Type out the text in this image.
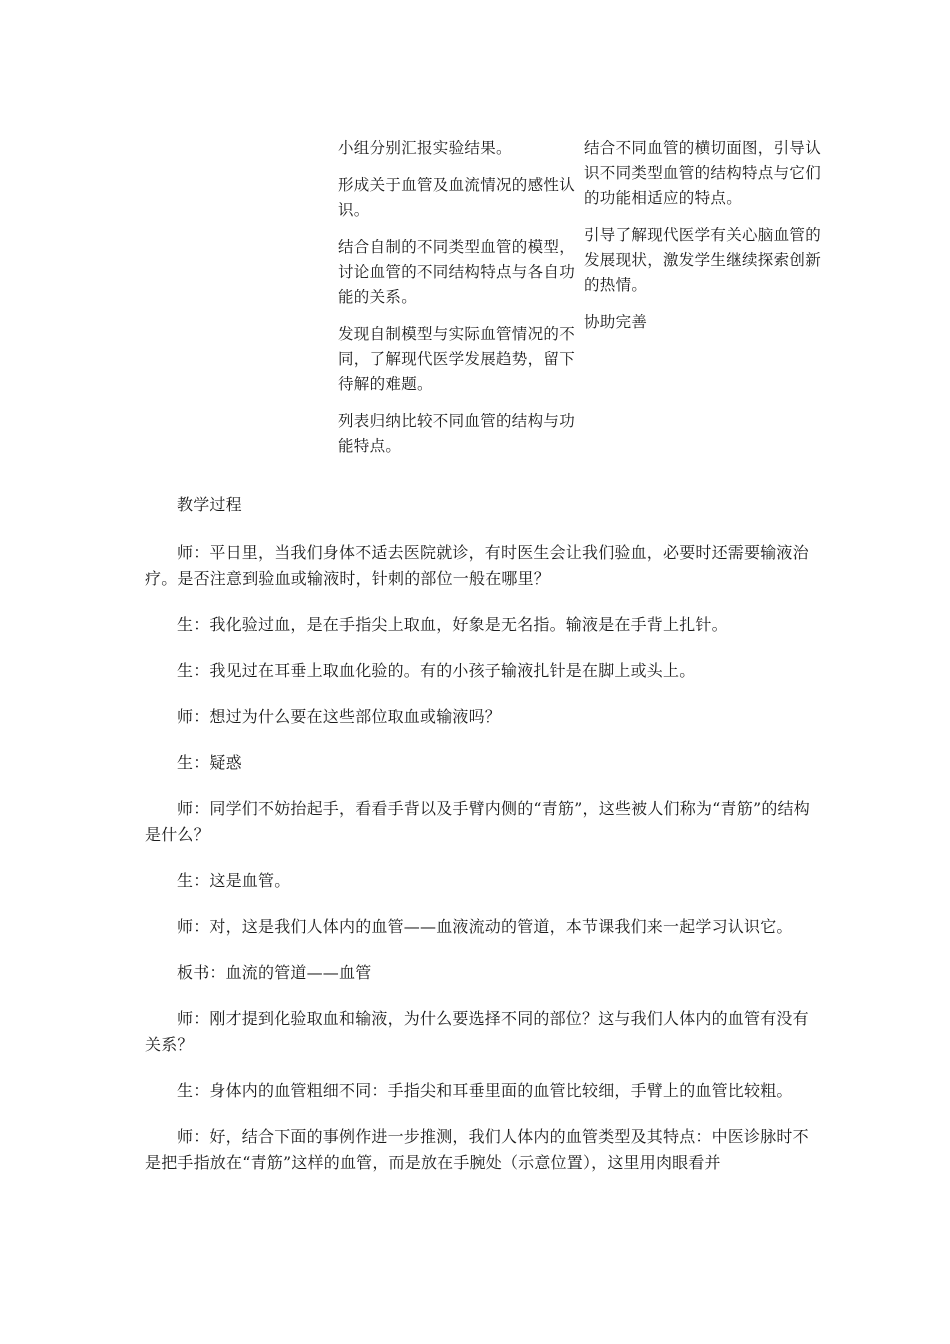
小组分别汇报实验结果。

形成关于血管及血流情况的感性认识。

结合自制的不同类型血管的模型，讨论血管的不同结构特点与各自功能的关系。

发现自制模型与实际血管情况的不同，了解现代医学发展趋势，留下待解的难题。

列表归纳比较不同血管的结构与功能特点。

结合不同血管的横切面图，引导认识不同类型血管的结构特点与它们的功能相适应的特点。

引导了解现代医学有关心脑血管的发展现状，激发学生继续探索创新的热情。

协助完善

教学过程

师：平日里，当我们身体不适去医院就诊，有时医生会让我们验血，必要时还需要输液治疗。是否注意到验血或输液时，针刺的部位一般在哪里？

生：我化验过血，是在手指尖上取血，好象是无名指。输液是在手背上扎针。

生：我见过在耳垂上取血化验的。有的小孩子输液扎针是在脚上或头上。

师：想过为什么要在这些部位取血或输液吗？

生：疑惑

师：同学们不妨抬起手，看看手背以及手臂内侧的“青筋”，这些被人们称为“青筋”的结构是什么？

生：这是血管。

师：对，这是我们人体内的血管——血液流动的管道，本节课我们来一起学习认识它。

板书：血流的管道——血管

师：刚才提到化验取血和输液，为什么要选择不同的部位？这与我们人体内的血管有没有关系？

生：身体内的血管粗细不同：手指尖和耳垂里面的血管比较细，手臂上的血管比较粗。

师：好，结合下面的事例作进一步推测，我们人体内的血管类型及其特点：中医诊脉时不是把手指放在“青筋”这样的血管，而是放在手腕处（示意位置），这里用肉眼看并
